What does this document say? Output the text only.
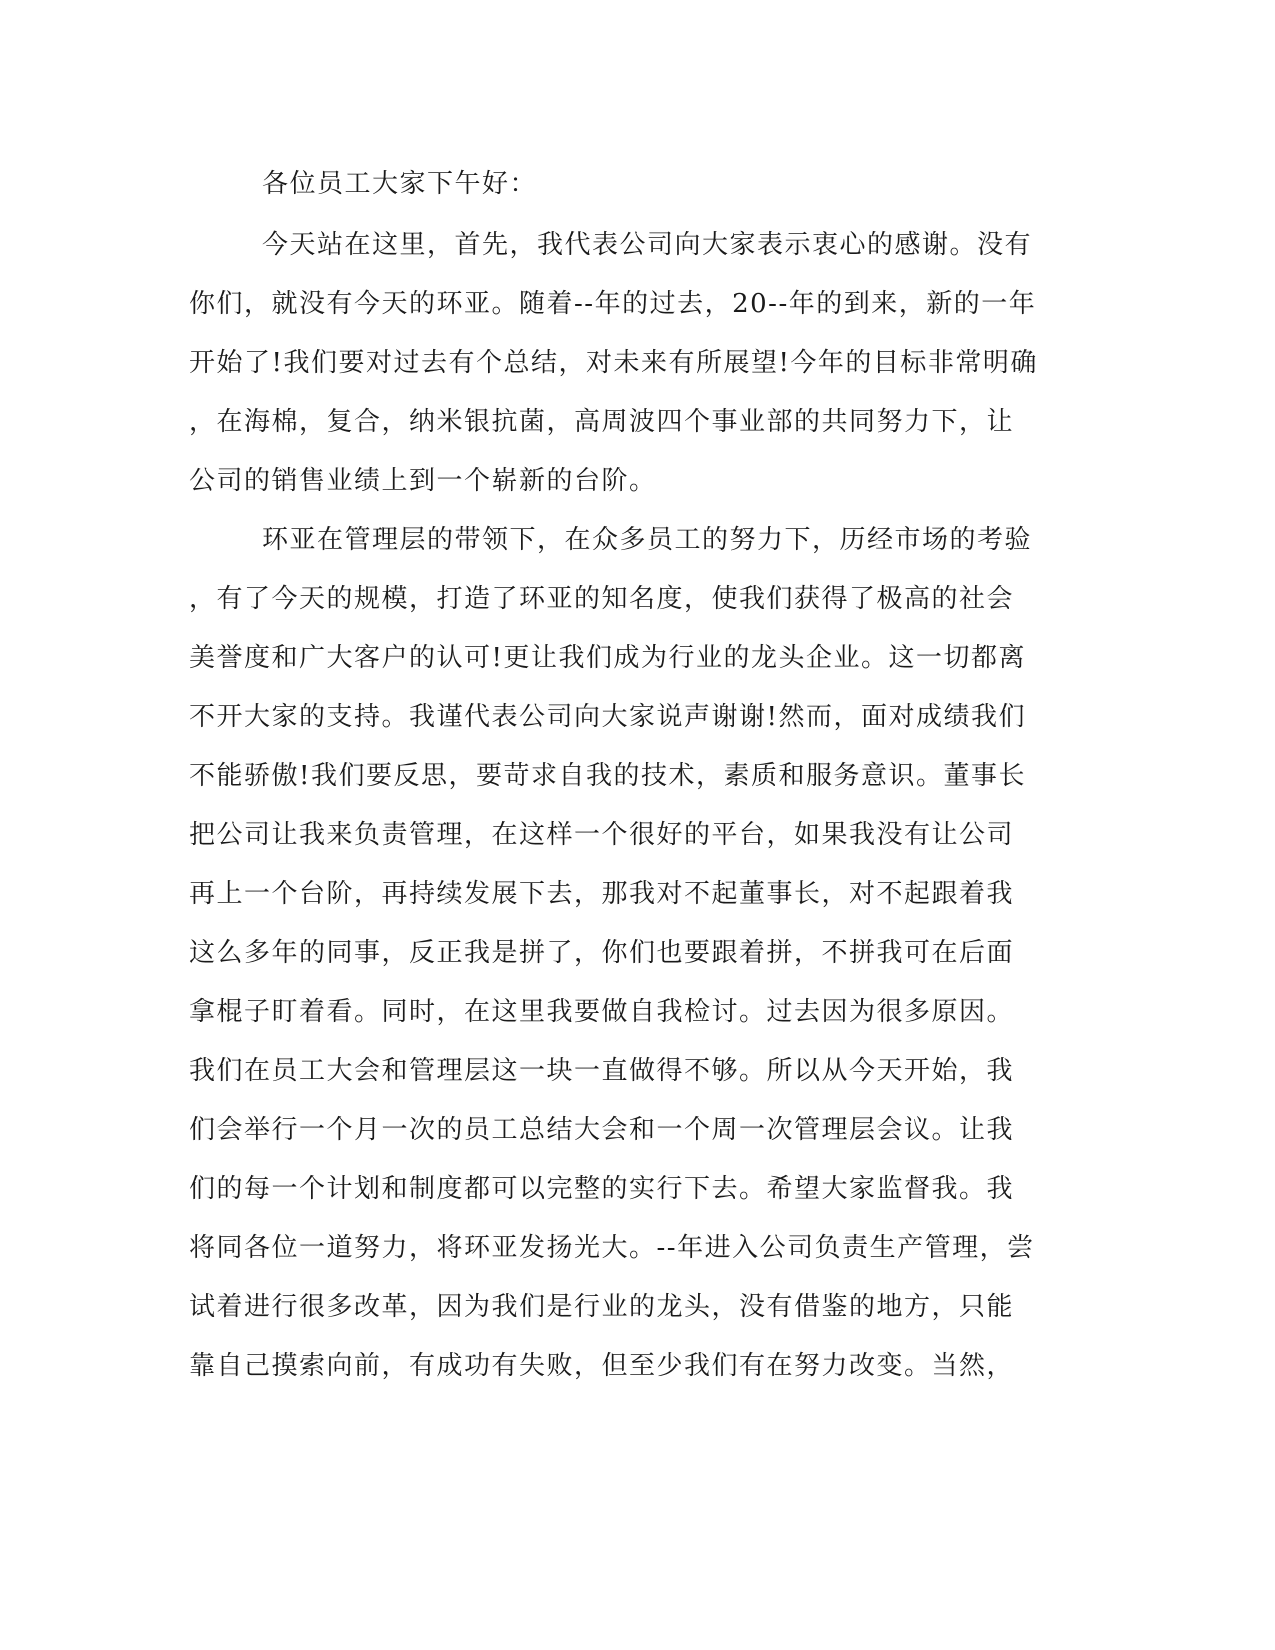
各位员工大家下午好：
今天站在这里，首先，我代表公司向大家表示衷心的感谢。没有
你们，就没有今天的环亚。随着--年的过去，20--年的到来，新的一年
开始了!我们要对过去有个总结，对未来有所展望!今年的目标非常明确
，在海棉，复合，纳米银抗菌，高周波四个事业部的共同努力下，让
公司的销售业绩上到一个崭新的台阶。
环亚在管理层的带领下，在众多员工的努力下，历经市场的考验
，有了今天的规模，打造了环亚的知名度，使我们获得了极高的社会
美誉度和广大客户的认可!更让我们成为行业的龙头企业。这一切都离
不开大家的支持。我谨代表公司向大家说声谢谢!然而，面对成绩我们
不能骄傲!我们要反思，要苛求自我的技术，素质和服务意识。董事长
把公司让我来负责管理，在这样一个很好的平台，如果我没有让公司
再上一个台阶，再持续发展下去，那我对不起董事长，对不起跟着我
这么多年的同事，反正我是拼了，你们也要跟着拼，不拼我可在后面
拿棍子盯着看。同时，在这里我要做自我检讨。过去因为很多原因。
我们在员工大会和管理层这一块一直做得不够。所以从今天开始，我
们会举行一个月一次的员工总结大会和一个周一次管理层会议。让我
们的每一个计划和制度都可以完整的实行下去。希望大家监督我。我
将同各位一道努力，将环亚发扬光大。--年进入公司负责生产管理，尝
试着进行很多改革，因为我们是行业的龙头，没有借鉴的地方，只能
靠自己摸索向前，有成功有失败，但至少我们有在努力改变。当然，
